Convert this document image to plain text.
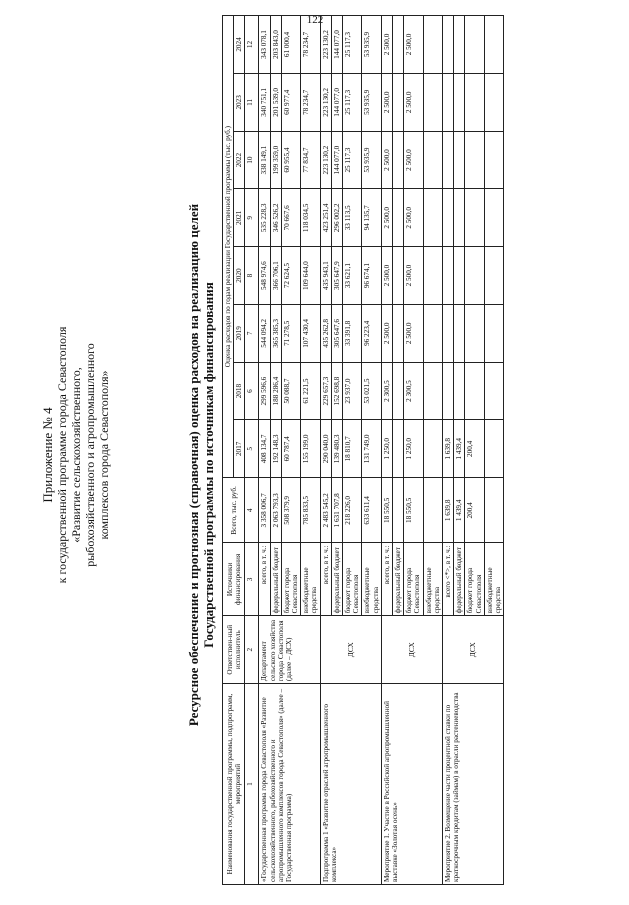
122
Приложение № 4 к государственной программе города Севастополя «Развитие сельскохозяйственного, рыбохозяйственного и агропромышленного комплексов города Севастополя»	Ресурсное обеспечение и прогнозная (справочная) оценка расходов на реализацию целей Государственной программы по источникам финансирования
Наименования государственной программы, подпрограмм, мероприятий	Ответствен-ный исполнитель	Источники финансирования	Всего, тыс. руб.	Оценка расходов по годам реализации Государственной программы (тыс. руб.)							
				2017	2018	2019	2020	2021	2022	2023	2024
1	2	3	4	5	6	7	8	9	10	11	12
«Государственная программа города Севастополя «Развитие сельскохозяйственного, рыбохозяйственного и агропромышленного комплексов города Севастополя» (далее – Государственная программа)	Департамент сельского хозяйства города Севастополя (далее – ДСХ)	всего, в т. ч.:	3 358 006,7	408 134,7	299 596,6	544 094,2	548 974,6	535 228,3	338 149,1	340 751,1	343 078,1
		федеральный бюджет	2 063 793,3	192 148,3	188 286,4	365 385,3	366 706,1	346 526,2	199 359,0	201 539,0	203 843,0
		бюджет города Севастополя	508 379,9	60 787,4	50 088,7	71 278,5	72 624,5	70 667,6	60 955,4	60 977,4	61 000,4
		внебюджетные средства	785 833,5	155 199,0	61 221,5	107 430,4	109 644,0	118 034,5	77 834,7	78 234,7	78 234,7
Подпрограмма 1 «Развитие отраслей агропромышленного комплекса»	ДСХ	всего, в т. ч.:	2 483 545,2	290 040,0	229 657,3	435 262,8	435 943,1	423 251,4	223 130,2	223 130,2	223 130,2
		федеральный бюджет	1 631 707,8	139 480,3	152 698,8	305 647,6	305 647,9	296 002,2	144 077,0	144 077,0	144 077,0
		бюджет города Севастополя	218 226,0	18 810,7	23 937,0	33 391,8	33 621,1	33 113,5	25 117,3	25 117,3	25 117,3
		внебюджетные средства	633 611,4	131 749,0	53 021,5	96 223,4	96 674,1	94 135,7	53 935,9	53 935,9	53 935,9
Мероприятие 1. Участие в Российской агропромышленной выставке «Золотая осень»	ДСХ	всего, в т. ч.:	18 550,5	1 250,0	2 300,5	2 500,0	2 500,0	2 500,0	2 500,0	2 500,0	2 500,0
		федеральный бюджет									
		бюджет города Севастополя	18 550,5	1 250,0	2 300,5	2 500,0	2 500,0	2 500,0	2 500,0	2 500,0	2 500,0
		внебюджетные средства									
Мероприятие 2. Возмещение части процентной ставки по краткосрочным кредитам (займам) в отрасли растениеводства	ДСХ	всего <*>, в т. ч.:	1 639,8	1 639,8							
		федеральный бюджет	1 439,4	1 439,4							
		бюджет города Севастополя	200,4	200,4							
		внебюджетные средства									
